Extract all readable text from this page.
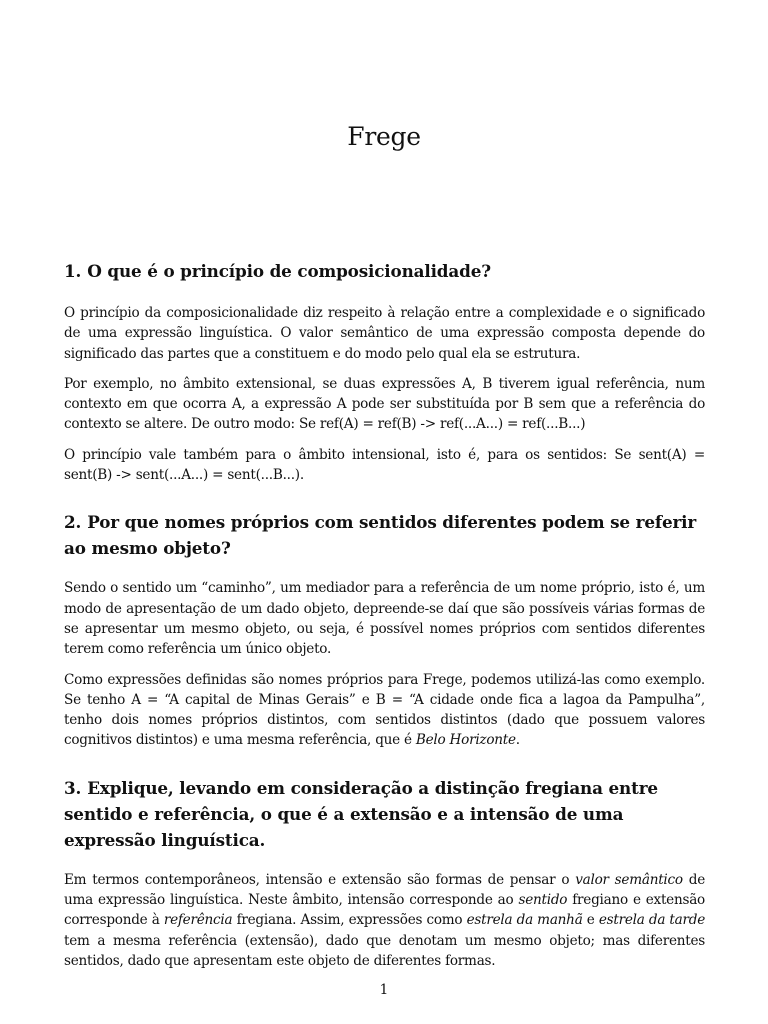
Frege
1. O que é o princípio de composicionalidade?

O princípio da composicionalidade diz respeito à relação entre a complexidade e o significado de uma expressão linguística. O valor semântico de uma expressão composta depende do significado das partes que a constituem e do modo pelo qual ela se estrutura.

Por exemplo, no âmbito extensional, se duas expressões A, B tiverem igual referência, num contexto em que ocorra A, a expressão A pode ser substituída por B sem que a referência do contexto se altere. De outro modo: Se ref(A) = ref(B) -> ref(...A...) = ref(...B...)

O princípio vale também para o âmbito intensional, isto é, para os sentidos: Se sent(A) = sent(B) -> sent(...A...) = sent(...B...).

2. Por que nomes próprios com sentidos diferentes podem se referir ao mesmo objeto?

Sendo o sentido um “caminho”, um mediador para a referência de um nome próprio, isto é, um modo de apresentação de um dado objeto, depreende-se daí que são possíveis várias formas de se apresentar um mesmo objeto, ou seja, é possível nomes próprios com sentidos diferentes terem como referência um único objeto.

Como expressões definidas são nomes próprios para Frege, podemos utilizá-las como exemplo. Se tenho A = “A capital de Minas Gerais” e B = “A cidade onde fica a lagoa da Pampulha”, tenho dois nomes próprios distintos, com sentidos distintos (dado que possuem valores cognitivos distintos) e uma mesma referência, que é Belo Horizonte.

3. Explique, levando em consideração a distinção fregiana entre sentido e referência, o que é a extensão e a intensão de uma expressão linguística.

Em termos contemporâneos, intensão e extensão são formas de pensar o valor semântico de uma expressão linguística. Neste âmbito, intensão corresponde ao sentido fregiano e extensão corresponde à referência fregiana. Assim, expressões como estrela da manhã e estrela da tarde tem a mesma referência (extensão), dado que denotam um mesmo objeto; mas diferentes sentidos, dado que apresentam este objeto de diferentes formas.

1
